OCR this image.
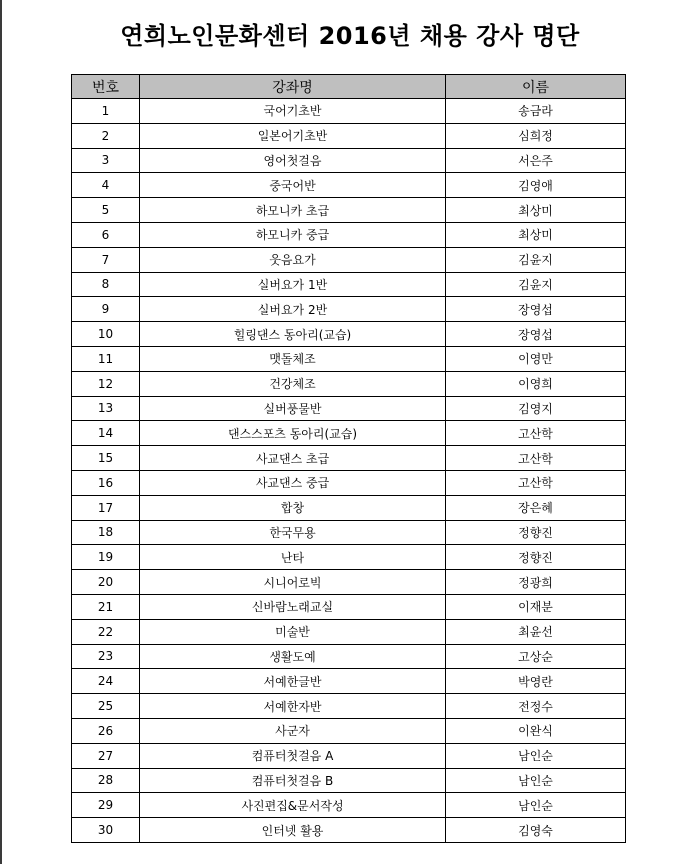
연희노인문화센터 2016년 채용 강사 명단
번호	강좌명	이름
1	국어기초반	송금라
2	일본어기초반	심희정
3	영어첫걸음	서은주
4	중국어반	김영애
5	하모니카 초급	최상미
6	하모니카 중급	최상미
7	웃음요가	김윤지
8	실버요가 1반	김윤지
9	실버요가 2반	장영섭
10	힐링댄스 동아리(교습)	장영섭
11	맷돌체조	이영만
12	건강체조	이영희
13	실버풍물반	김영지
14	댄스스포츠 동아리(교습)	고산학
15	사교댄스 초급	고산학
16	사교댄스 중급	고산학
17	합창	장은혜
18	한국무용	정향진
19	난타	정향진
20	시니어로빅	정광희
21	신바람노래교실	이재분
22	미술반	최윤선
23	생활도예	고상순
24	서예한글반	박영란
25	서예한자반	전정수
26	사군자	이완식
27	컴퓨터첫걸음 A	남인순
28	컴퓨터첫걸음 B	남인순
29	사진편집&문서작성	남인순
30	인터넷 활용	김영숙
